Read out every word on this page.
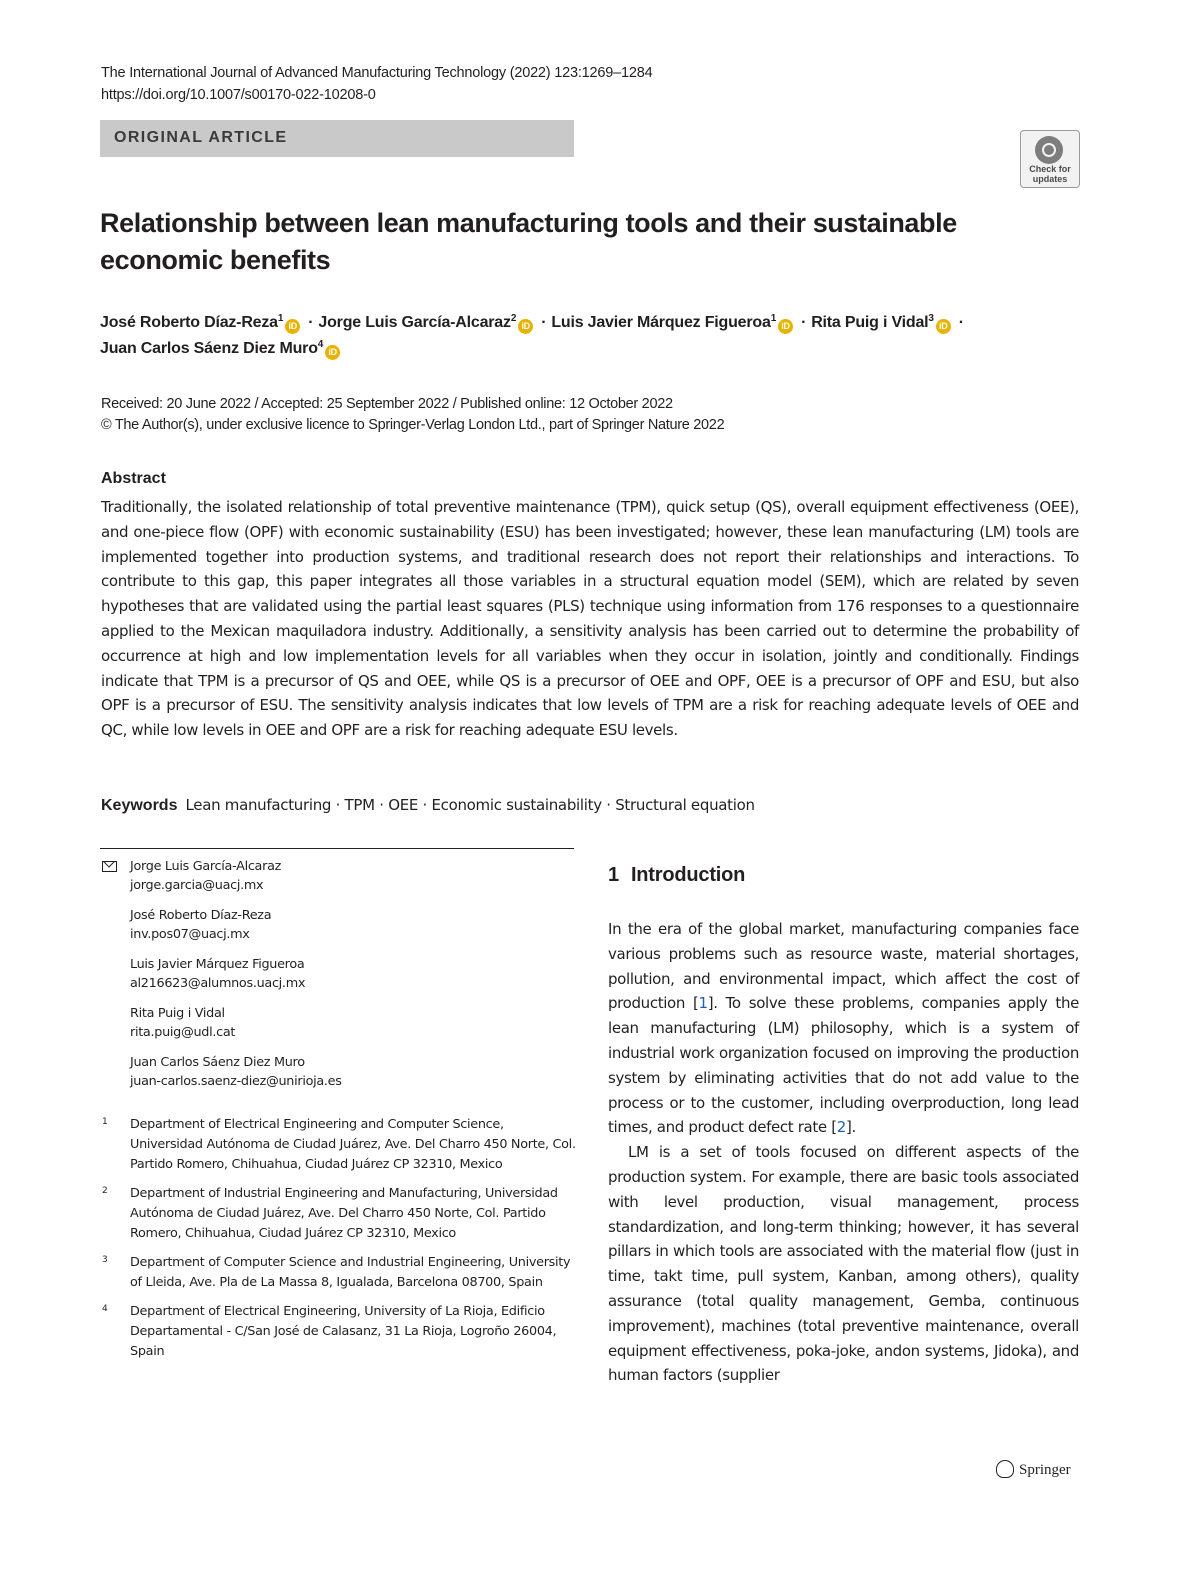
The International Journal of Advanced Manufacturing Technology (2022) 123:1269–1284
https://doi.org/10.1007/s00170-022-10208-0
ORIGINAL ARTICLE
Check for updates
Relationship between lean manufacturing tools and their sustainable economic benefits
José Roberto Díaz-Reza$^1$iD · Jorge Luis García-Alcaraz$^2$iD · Luis Javier Márquez Figueroa$^1$iD · Rita Puig i Vidal$^3$iD ·
Juan Carlos Sáenz Diez Muro$^4$iD
Received: 20 June 2022 / Accepted: 25 September 2022 / Published online: 12 October 2022
© The Author(s), under exclusive licence to Springer-Verlag London Ltd., part of Springer Nature 2022
Abstract
Traditionally, the isolated relationship of total preventive maintenance (TPM), quick setup (QS), overall equipment effectiveness (OEE), and one-piece flow (OPF) with economic sustainability (ESU) has been investigated; however, these lean manufacturing (LM) tools are implemented together into production systems, and traditional research does not report their relationships and interactions. To contribute to this gap, this paper integrates all those variables in a structural equation model (SEM), which are related by seven hypotheses that are validated using the partial least squares (PLS) technique using information from 176 responses to a questionnaire applied to the Mexican maquiladora industry. Additionally, a sensitivity analysis has been carried out to determine the probability of occurrence at high and low implementation levels for all variables when they occur in isolation, jointly and conditionally. Findings indicate that TPM is a precursor of QS and OEE, while QS is a precursor of OEE and OPF, OEE is a precursor of OPF and ESU, but also OPF is a precursor of ESU. The sensitivity analysis indicates that low levels of TPM are a risk for reaching adequate levels of OEE and QC, while low levels in OEE and OPF are a risk for reaching adequate ESU levels.
Keywords Lean manufacturing · TPM · OEE · Economic sustainability · Structural equation
Jorge Luis García-Alcaraz
jorge.garcia@uacj.mx
José Roberto Díaz-Reza
inv.pos07@uacj.mx
Luis Javier Márquez Figueroa
al216623@alumnos.uacj.mx
Rita Puig i Vidal
rita.puig@udl.cat
Juan Carlos Sáenz Diez Muro
juan-carlos.saenz-diez@unirioja.es
1 Department of Electrical Engineering and Computer Science, Universidad Autónoma de Ciudad Juárez, Ave. Del Charro 450 Norte, Col. Partido Romero, Chihuahua, Ciudad Juárez CP 32310, Mexico
2 Department of Industrial Engineering and Manufacturing, Universidad Autónoma de Ciudad Juárez, Ave. Del Charro 450 Norte, Col. Partido Romero, Chihuahua, Ciudad Juárez CP 32310, Mexico
3 Department of Computer Science and Industrial Engineering, University of Lleida, Ave. Pla de La Massa 8, Igualada, Barcelona 08700, Spain
4 Department of Electrical Engineering, University of La Rioja, Edificio Departamental - C/San José de Calasanz, 31 La Rioja, Logroño 26004, Spain
1 Introduction

In the era of the global market, manufacturing companies face various problems such as resource waste, material shortages, pollution, and environmental impact, which affect the cost of production [1]. To solve these problems, companies apply the lean manufacturing (LM) philosophy, which is a system of industrial work organization focused on improving the production system by eliminating activities that do not add value to the process or to the customer, including overproduction, long lead times, and product defect rate [2].

LM is a set of tools focused on different aspects of the production system. For example, there are basic tools associated with level production, visual management, process standardization, and long-term thinking; however, it has several pillars in which tools are associated with the material flow (just in time, takt time, pull system, Kanban, among others), quality assurance (total quality management, Gemba, continuous improvement), machines (total preventive maintenance, overall equipment effectiveness, poka-joke, andon systems, Jidoka), and human factors (supplier

Springer
